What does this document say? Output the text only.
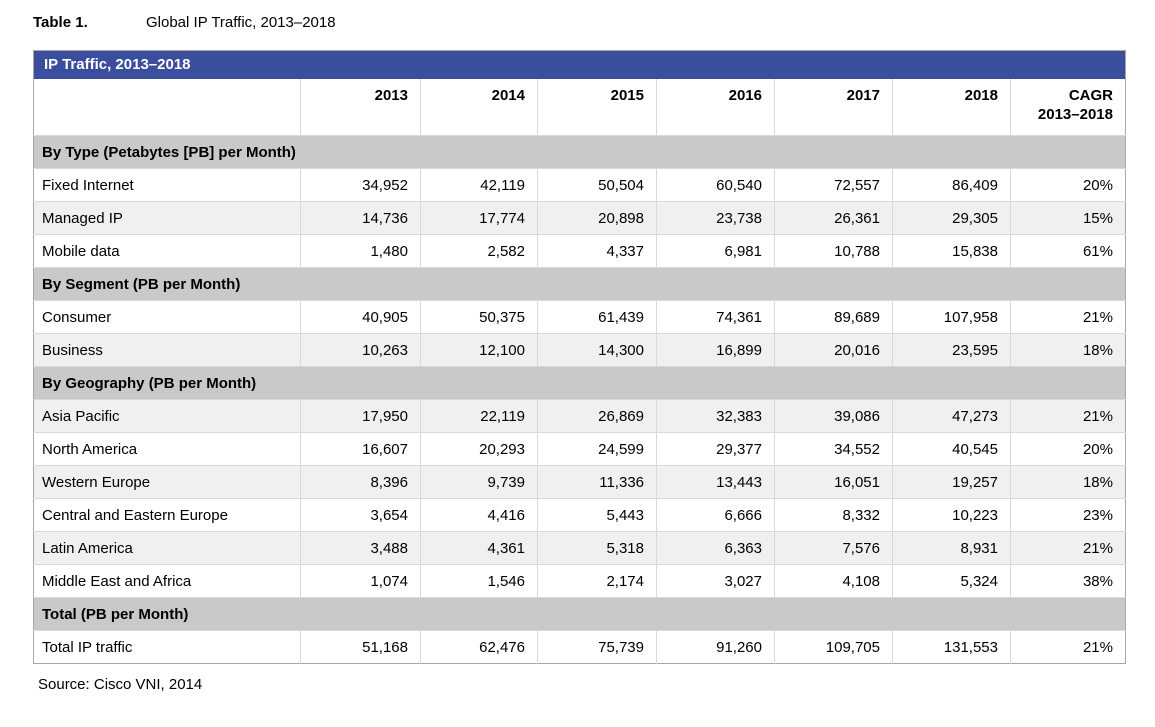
Table 1.	Global IP Traffic, 2013–2018
IP Traffic, 2013–2018							
	2013	2014	2015	2016	2017	2018	CAGR
2013–2018

By Type (Petabytes [PB] per Month)							
Fixed Internet	34,952	42,119	50,504	60,540	72,557	86,409	20%
Managed IP	14,736	17,774	20,898	23,738	26,361	29,305	15%
Mobile data	1,480	2,582	4,337	6,981	10,788	15,838	61%
By Segment (PB per Month)							
Consumer	40,905	50,375	61,439	74,361	89,689	107,958	21%
Business	10,263	12,100	14,300	16,899	20,016	23,595	18%
By Geography (PB per Month)							
Asia Pacific	17,950	22,119	26,869	32,383	39,086	47,273	21%
North America	16,607	20,293	24,599	29,377	34,552	40,545	20%
Western Europe	8,396	9,739	11,336	13,443	16,051	19,257	18%
Central and Eastern Europe	3,654	4,416	5,443	6,666	8,332	10,223	23%
Latin America	3,488	4,361	5,318	6,363	7,576	8,931	21%
Middle East and Africa	1,074	1,546	2,174	3,027	4,108	5,324	38%
Total (PB per Month)							
Total IP traffic	51,168	62,476	75,739	91,260	109,705	131,553	21%
Source: Cisco VNI, 2014
